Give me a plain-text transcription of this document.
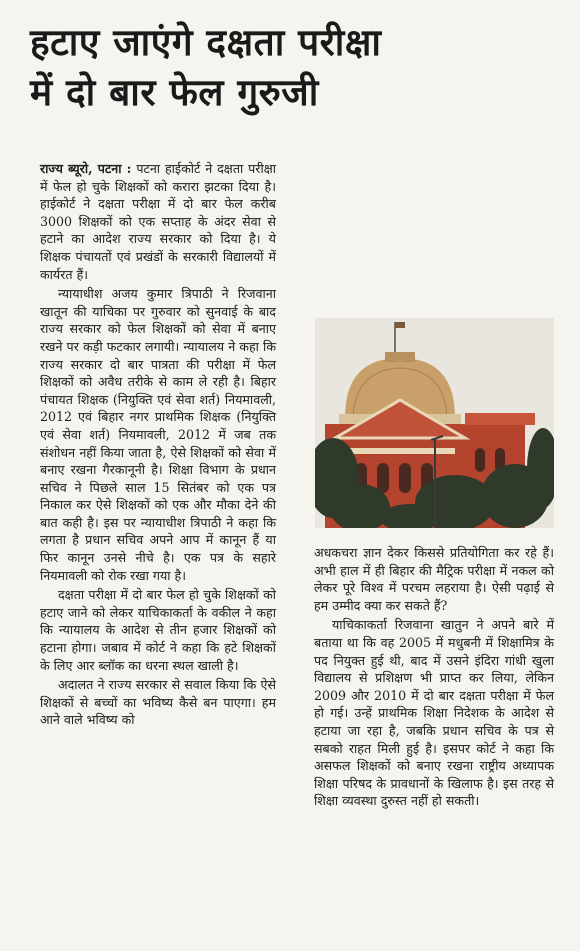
हटाए जाएंगे दक्षता परीक्षा
में दो बार फेल गुरुजी

राज्य ब्यूरो, पटना : पटना हाईकोर्ट ने दक्षता परीक्षा में फेल हो चुके शिक्षकों को करारा झटका दिया है। हाईकोर्ट ने दक्षता परीक्षा में दो बार फेल करीब 3000 शिक्षकों को एक सप्ताह के अंदर सेवा से हटाने का आदेश राज्य सरकार को दिया है। ये शिक्षक पंचायतों एवं प्रखंडों के सरकारी विद्यालयों में कार्यरत हैं।

न्यायाधीश अजय कुमार त्रिपाठी ने रिजवाना खातून की याचिका पर गुरुवार को सुनवाई के बाद राज्य सरकार को फेल शिक्षकों को सेवा में बनाए रखने पर कड़ी फटकार लगायी। न्यायालय ने कहा कि राज्य सरकार दो बार पात्रता की परीक्षा में फेल शिक्षकों को अवैध तरीके से काम ले रही है। बिहार पंचायत शिक्षक (नियुक्ति एवं सेवा शर्त) नियमावली, 2012 एवं बिहार नगर प्राथमिक शिक्षक (नियुक्ति एवं सेवा शर्त) नियमावली, 2012 में जब तक संशोधन नहीं किया जाता है, ऐसे शिक्षकों को सेवा में बनाए रखना गैरकानूनी है। शिक्षा विभाग के प्रधान सचिव ने पिछले साल 15 सितंबर को एक पत्र निकाल कर ऐसे शिक्षकों को एक और मौका देने की बात कही है। इस पर न्यायाधीश त्रिपाठी ने कहा कि लगता है प्रधान सचिव अपने आप में कानून हैं या फिर कानून उनसे नीचे है। एक पत्र के सहारे नियमावली को रोक रखा गया है।

दक्षता परीक्षा में दो बार फेल हो चुके शिक्षकों को हटाए जाने को लेकर याचिकाकर्ता के वकील ने कहा कि न्यायालय के आदेश से तीन हजार शिक्षकों को हटाना होगा। जबाव में कोर्ट ने कहा कि हटे शिक्षकों के लिए आर ब्लॉक का धरना स्थल खाली है।

अदालत ने राज्य सरकार से सवाल किया कि ऐसे शिक्षकों से बच्चों का भविष्य कैसे बन पाएगा। हम आने वाले भविष्य को

अधकचरा ज्ञान देकर किससे प्रतियोगिता कर रहे हैं। अभी हाल में ही बिहार की मैट्रिक परीक्षा में नकल को लेकर पूरे विश्व में परचम लहराया है। ऐसी पढ़ाई से हम उम्मीद क्या कर सकते हैं?

याचिकाकर्ता रिजवाना खातुन ने अपने बारे में बताया था कि वह 2005 में मधुबनी में शिक्षामित्र के पद नियुक्त हुई थी, बाद में उसने इंदिरा गांधी खुला विद्यालय से प्रशिक्षण भी प्राप्त कर लिया, लेकिन 2009 और 2010 में दो बार दक्षता परीक्षा में फेल हो गई। उन्हें प्राथमिक शिक्षा निदेशक के आदेश से हटाया जा रहा है, जबकि प्रधान सचिव के पत्र से सबको राहत मिली हुई है। इसपर कोर्ट ने कहा कि असफल शिक्षकों को बनाए रखना राष्ट्रीय अध्यापक शिक्षा परिषद के प्रावधानों के खिलाफ है। इस तरह से शिक्षा व्यवस्था दुरुस्त नहीं हो सकती।
